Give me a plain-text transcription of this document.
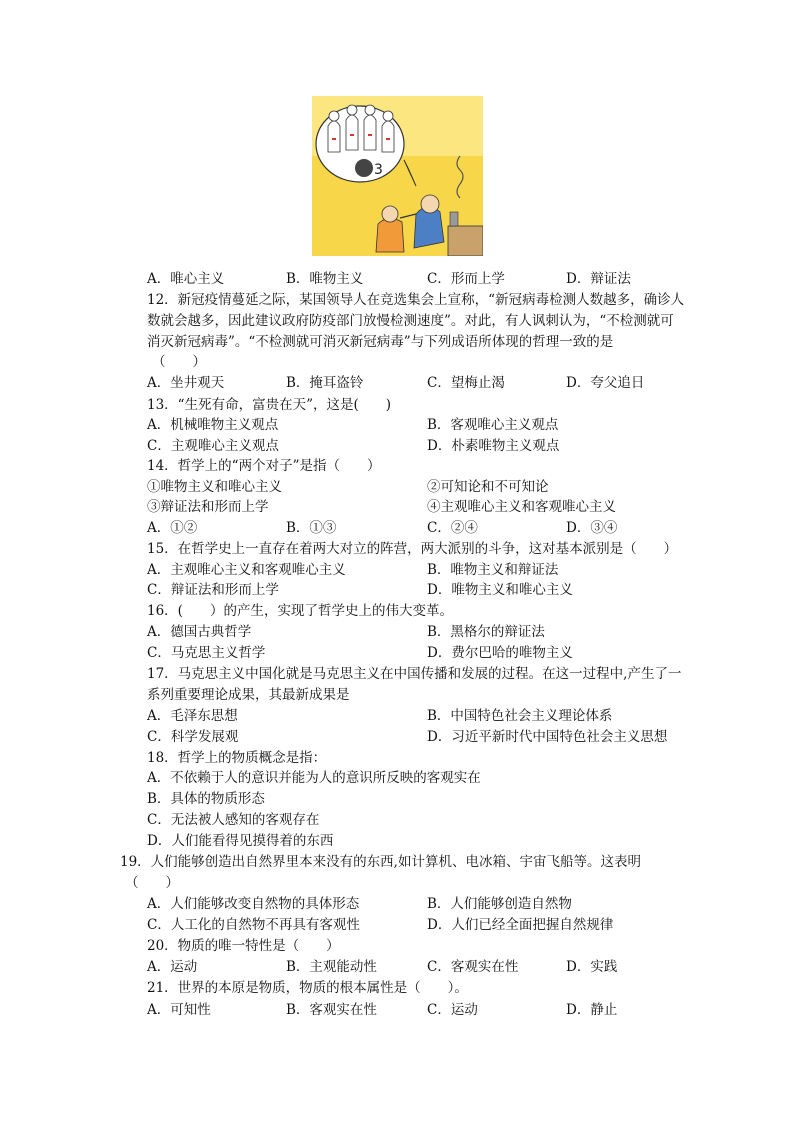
3
A．唯心主义	B．唯物主义	C．形而上学	D．辩证法
12．新冠疫情蔓延之际，某国领导人在竞选集会上宣称，“新冠病毒检测人数越多，确诊人
数就会越多，因此建议政府防疫部门放慢检测速度”。对此，有人讽刺认为，“不检测就可
消灭新冠病毒”。“不检测就可消灭新冠病毒”与下列成语所体现的哲理一致的是
（　　）
A．坐井观天	B．掩耳盗铃	C．望梅止渴	D．夸父追日
13．“生死有命，富贵在天”，这是(　　)
A．机械唯物主义观点	B．客观唯心主义观点
C．主观唯心主义观点	D．朴素唯物主义观点
14．哲学上的“两个对子”是指（　　）
①唯物主义和唯心主义	②可知论和不可知论
③辩证法和形而上学	④主观唯心主义和客观唯心主义
A．①②	B．①③	C．②④	D．③④
15．在哲学史上一直存在着两大对立的阵营，两大派别的斗争，这对基本派别是（　　）
A．主观唯心主义和客观唯心主义	B．唯物主义和辩证法
C．辩证法和形而上学	D．唯物主义和唯心主义
16．(　　）的产生，实现了哲学史上的伟大变革。
A．德国古典哲学	B．黑格尔的辩证法
C．马克思主义哲学	D．费尔巴哈的唯物主义
17．马克思主义中国化就是马克思主义在中国传播和发展的过程。在这一过程中,产生了一
系列重要理论成果，其最新成果是
A．毛泽东思想	B．中国特色社会主义理论体系
C．科学发展观	D．习近平新时代中国特色社会主义思想
18．哲学上的物质概念是指：
A．不依赖于人的意识并能为人的意识所反映的客观实在
B．具体的物质形态
C．无法被人感知的客观存在
D．人们能看得见摸得着的东西
19．人们能够创造出自然界里本来没有的东西,如计算机、电冰箱、宇宙飞船等。这表明
（　　）
A．人们能够改变自然物的具体形态	B．人们能够创造自然物
C．人工化的自然物不再具有客观性	D．人们已经全面把握自然规律
20．物质的唯一特性是（　　）
A．运动	B．主观能动性	C．客观实在性	D．实践
21．世界的本原是物质，物质的根本属性是（　　）。
A．可知性	B．客观实在性	C．运动	D．静止
